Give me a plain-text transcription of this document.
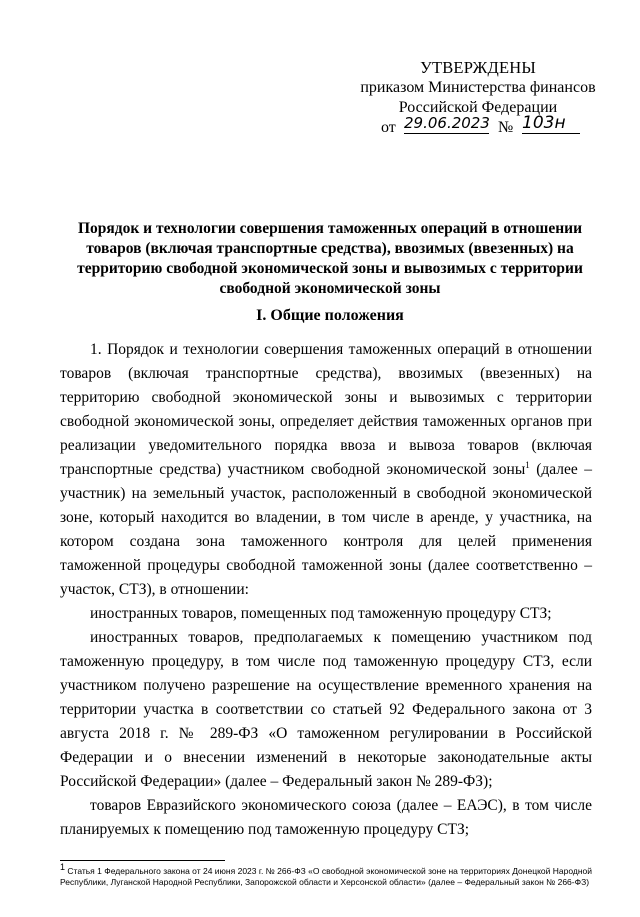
УТВЕРЖДЕНЫ
приказом Министерства финансов
Российской Федерации
от 29.06.2023 № 103н
Порядок и технологии совершения таможенных операций в отношении товаров (включая транспортные средства), ввозимых (ввезенных) на территорию свободной экономической зоны и вывозимых с территории свободной экономической зоны
I. Общие положения

1. Порядок и технологии совершения таможенных операций в отношении товаров (включая транспортные средства), ввозимых (ввезенных) на территорию свободной экономической зоны и вывозимых с территории свободной экономической зоны, определяет действия таможенных органов при реализации уведомительного порядка ввоза и вывоза товаров (включая транспортные средства) участником свободной экономической зоны$^1$ (далее – участник) на земельный участок, расположенный в свободной экономической зоне, который находится во владении, в том числе в аренде, у участника, на котором создана зона таможенного контроля для целей применения таможенной процедуры свободной таможенной зоны (далее соответственно – участок, СТЗ), в отношении:

иностранных товаров, помещенных под таможенную процедуру СТЗ;

иностранных товаров, предполагаемых к помещению участником под таможенную процедуру, в том числе под таможенную процедуру СТЗ, если участником получено разрешение на осуществление временного хранения на территории участка в соответствии со статьей 92 Федерального закона от 3 августа 2018 г. № 289-ФЗ «О таможенном регулировании в Российской Федерации и о внесении изменений в некоторые законодательные акты Российской Федерации» (далее – Федеральный закон № 289-ФЗ);

товаров Евразийского экономического союза (далее – ЕАЭС), в том числе планируемых к помещению под таможенную процедуру СТЗ;

$^1$ Статья 1 Федерального закона от 24 июня 2023 г. № 266-ФЗ «О свободной экономической зоне на территориях Донецкой Народной Республики, Луганской Народной Республики, Запорожской области и Херсонской области» (далее – Федеральный закон № 266-ФЗ)
